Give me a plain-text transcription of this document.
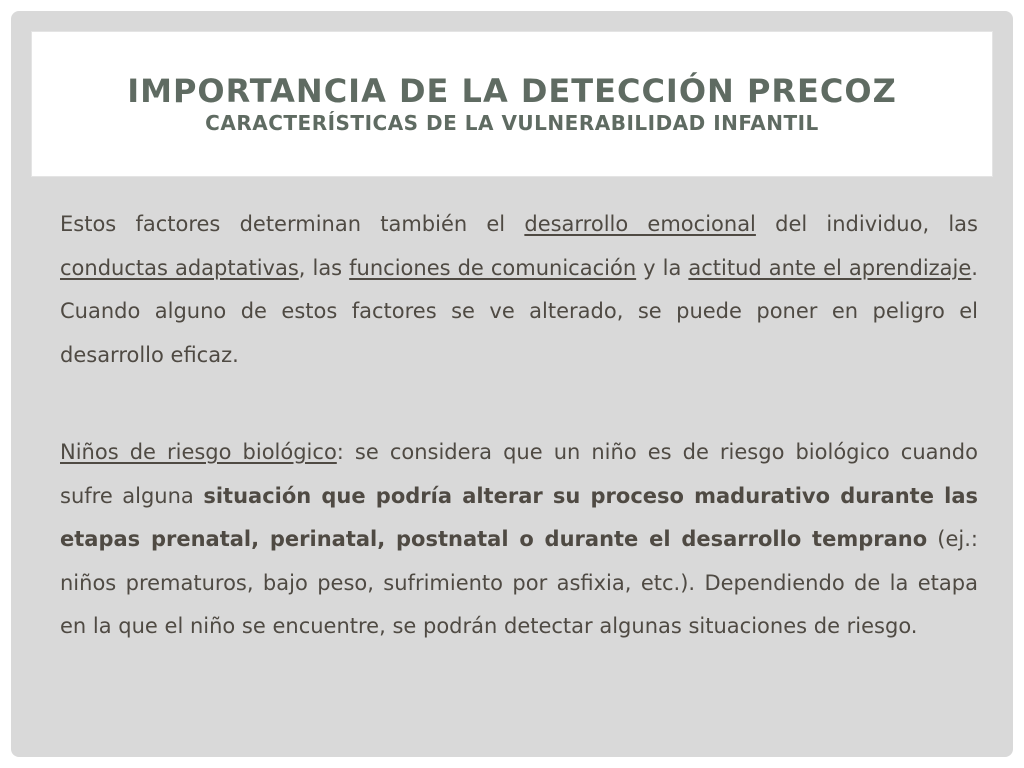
IMPORTANCIA DE LA DETECCIÓN PRECOZ
CARACTERÍSTICAS DE LA VULNERABILIDAD INFANTIL

Estos factores determinan también el desarrollo emocional del individuo, las conductas adaptativas, las funciones de comunicación y la actitud ante el aprendizaje. Cuando alguno de estos factores se ve alterado, se puede poner en peligro el desarrollo eficaz.

Niños de riesgo biológico: se considera que un niño es de riesgo biológico cuando sufre alguna situación que podría alterar su proceso madurativo durante las etapas prenatal, perinatal, postnatal o durante el desarrollo temprano (ej.: niños prematuros, bajo peso, sufrimiento por asfixia, etc.). Dependiendo de la etapa en la que el niño se encuentre, se podrán detectar algunas situaciones de riesgo.
